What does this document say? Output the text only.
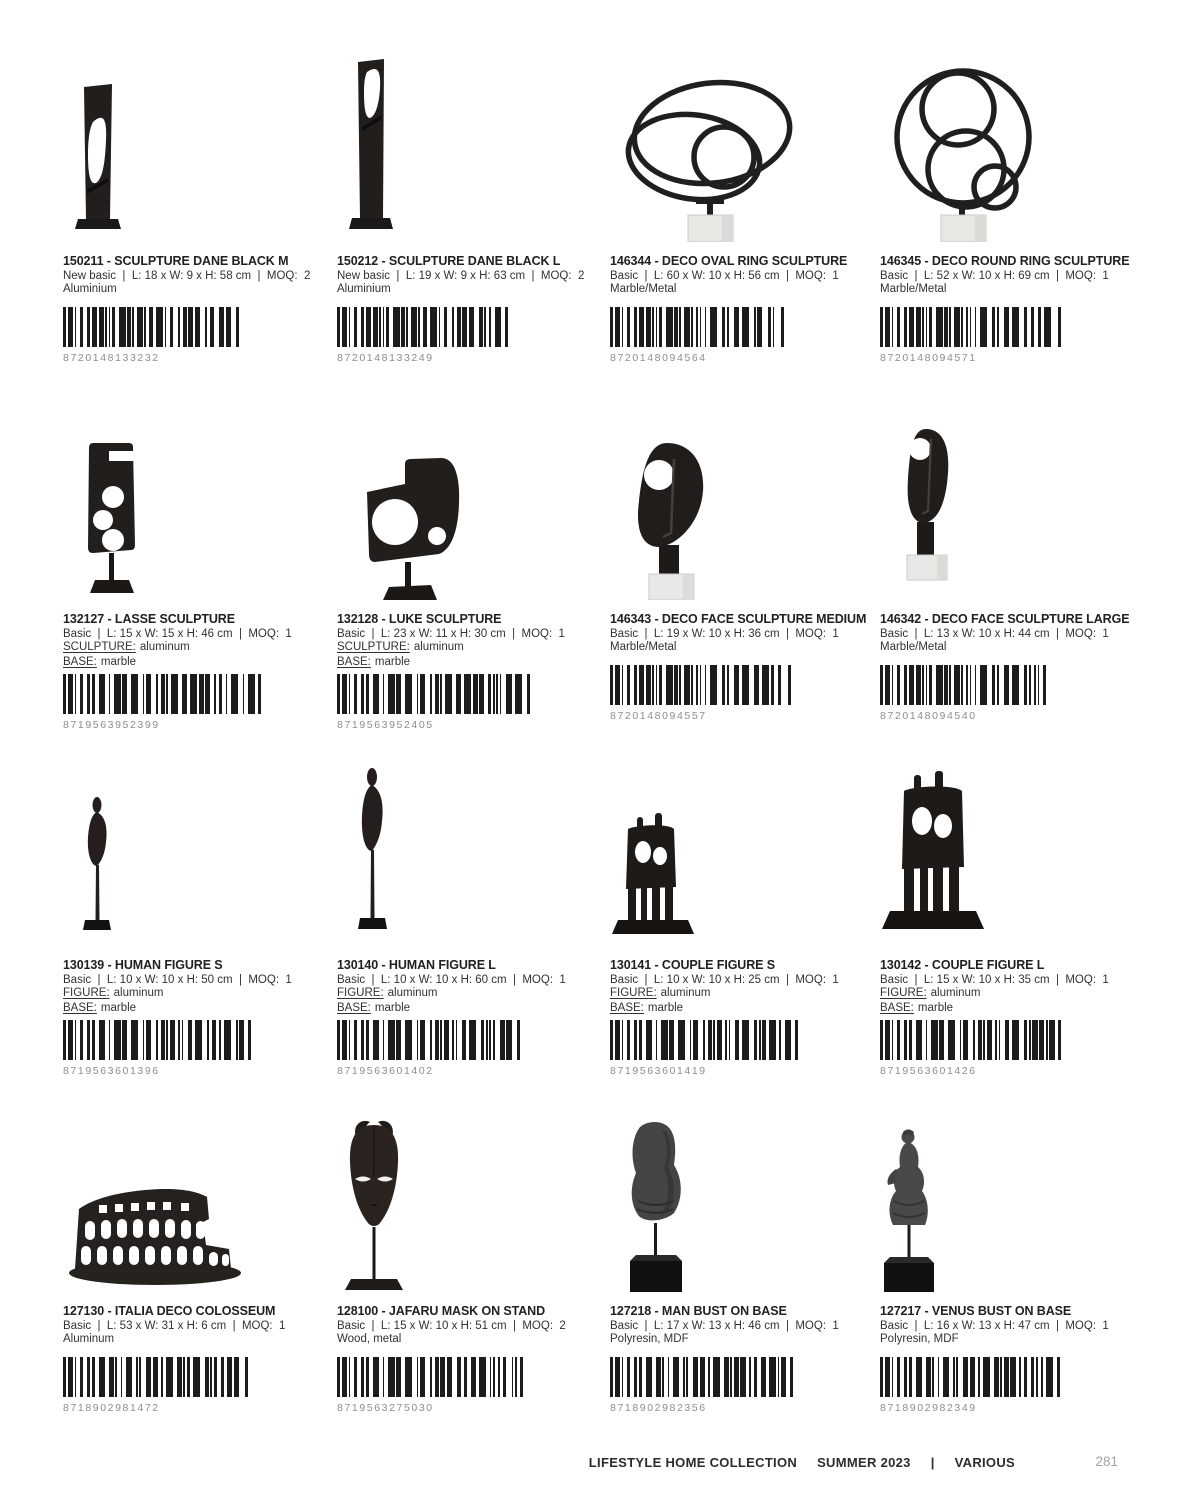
150211 - SCULPTURE DANE BLACK M
New basic  |  L: 18 x W: 9 x H: 58 cm  |  MOQ:  2
Aluminium
8720148133232
150212 - SCULPTURE DANE BLACK L
New basic  |  L: 19 x W: 9 x H: 63 cm  |  MOQ:  2
Aluminium
8720148133249
146344 - DECO OVAL RING SCULPTURE
Basic  |  L: 60 x W: 10 x H: 56 cm  |  MOQ:  1
Marble/Metal
8720148094564
146345 - DECO ROUND RING SCULPTURE
Basic  |  L: 52 x W: 10 x H: 69 cm  |  MOQ:  1
Marble/Metal
8720148094571
132127 - LASSE SCULPTURE
Basic  |  L: 15 x W: 15 x H: 46 cm  |  MOQ:  1
SCULPTURE: aluminum
BASE: marble
8719563952399
132128 - LUKE SCULPTURE
Basic  |  L: 23 x W: 11 x H: 30 cm  |  MOQ:  1
SCULPTURE: aluminum
BASE: marble
8719563952405
146343 - DECO FACE SCULPTURE MEDIUM
Basic  |  L: 19 x W: 10 x H: 36 cm  |  MOQ:  1
Marble/Metal
8720148094557
146342 - DECO FACE SCULPTURE LARGE
Basic  |  L: 13 x W: 10 x H: 44 cm  |  MOQ:  1
Marble/Metal
8720148094540
130139 - HUMAN FIGURE S
Basic  |  L: 10 x W: 10 x H: 50 cm  |  MOQ:  1
FIGURE: aluminum
BASE: marble
8719563601396
130140 - HUMAN FIGURE L
Basic  |  L: 10 x W: 10 x H: 60 cm  |  MOQ:  1
FIGURE: aluminum
BASE: marble
8719563601402
130141 - COUPLE FIGURE S
Basic  |  L: 10 x W: 10 x H: 25 cm  |  MOQ:  1
FIGURE: aluminum
BASE: marble
8719563601419
130142 - COUPLE FIGURE L
Basic  |  L: 15 x W: 10 x H: 35 cm  |  MOQ:  1
FIGURE: aluminum
BASE: marble
8719563601426
127130 - ITALIA DECO COLOSSEUM
Basic  |  L: 53 x W: 31 x H: 6 cm  |  MOQ:  1
Aluminum
8718902981472
128100 - JAFARU MASK ON STAND
Basic  |  L: 15 x W: 10 x H: 51 cm  |  MOQ:  2
Wood, metal
8719563275030
127218 - MAN BUST ON BASE
Basic  |  L: 17 x W: 13 x H: 46 cm  |  MOQ:  1
Polyresin, MDF
8718902982356
127217 - VENUS BUST ON BASE
Basic  |  L: 16 x W: 13 x H: 47 cm  |  MOQ:  1
Polyresin, MDF
8718902982349
LIFESTYLE HOME COLLECTION SUMMER 2023 | VARIOUS	281
